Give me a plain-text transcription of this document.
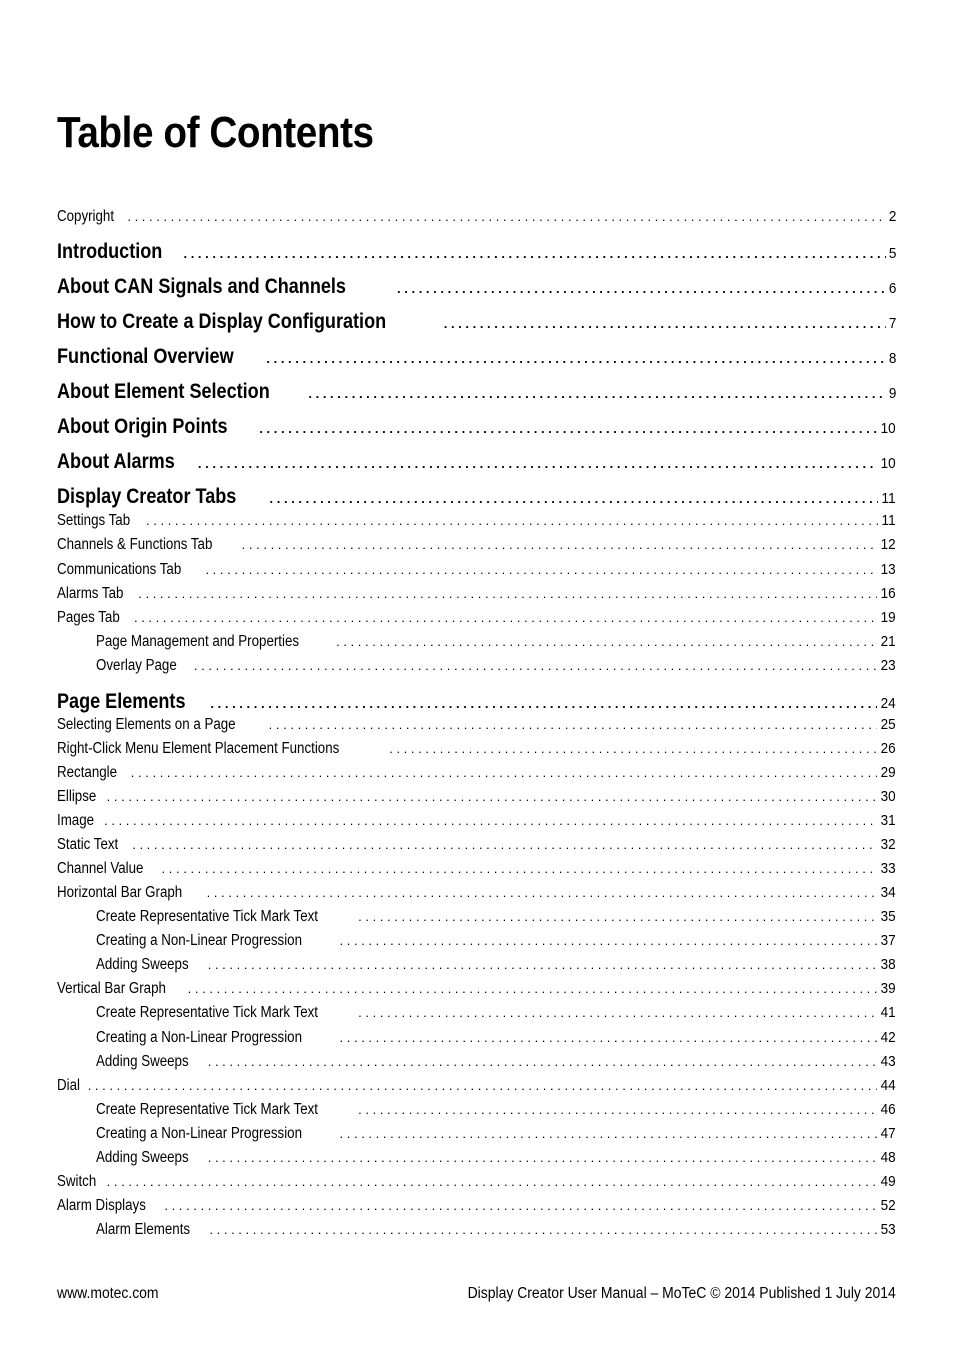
Table of Contents
Copyright . . .	2
Introduction . . .	5
About CAN Signals and Channels . . .	6
How to Create a Display Configuration . . .	7
Functional Overview . . .	8
About Element Selection . . .	9
About Origin Points . . .	10
About Alarms . . .	10
Display Creator Tabs . . .	11
Settings Tab . . .	11
Channels & Functions Tab . . .	12
Communications Tab . . .	13
Alarms Tab . . .	16
Pages Tab . . .	19
Page Management and Properties . . .	21
Overlay Page . . .	23
Page Elements . . .	24
Selecting Elements on a Page . . .	25
Right-Click Menu Element Placement Functions . . .	26
Rectangle . . .	29
Ellipse . . .	30
Image . . .	31
Static Text . . .	32
Channel Value . . .	33
Horizontal Bar Graph . . .	34
Create Representative Tick Mark Text . . .	35
Creating a Non-Linear Progression . . .	37
Adding Sweeps . . .	38
Vertical Bar Graph . . .	39
Create Representative Tick Mark Text . . .	41
Creating a Non-Linear Progression . . .	42
Adding Sweeps . . .	43
Dial . . .	44
Create Representative Tick Mark Text . . .	46
Creating a Non-Linear Progression . . .	47
Adding Sweeps . . .	48
Switch . . .	49
Alarm Displays . . .	52
Alarm Elements . . .	53
www.motec.com	Display Creator User Manual – MoTeC © 2014 Published 1 July 2014
